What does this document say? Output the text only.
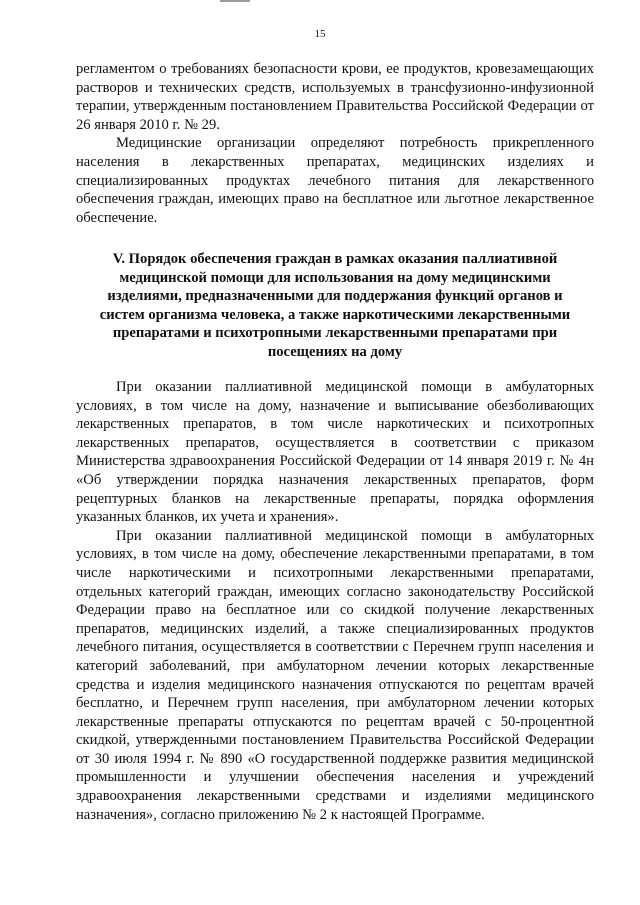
15

регламентом о требованиях безопасности крови, ее продуктов, кровезамещающих растворов и технических средств, используемых в трансфузионно-инфузионной терапии, утвержденным постановлением Правительства Российской Федерации от 26 января 2010 г. № 29.

Медицинские организации определяют потребность прикрепленного населения в лекарственных препаратах, медицинских изделиях и специализированных продуктах лечебного питания для лекарственного обеспечения граждан, имеющих право на бесплатное или льготное лекарственное обеспечение.

V. Порядок обеспечения граждан в рамках оказания паллиативной медицинской помощи для использования на дому медицинскими изделиями, предназначенными для поддержания функций органов и систем организма человека, а также наркотическими лекарственными препаратами и психотропными лекарственными препаратами при посещениях на дому

При оказании паллиативной медицинской помощи в амбулаторных условиях, в том числе на дому, назначение и выписывание обезболивающих лекарственных препаратов, в том числе наркотических и психотропных лекарственных препаратов, осуществляется в соответствии с приказом Министерства здравоохранения Российской Федерации от 14 января 2019 г. № 4н «Об утверждении порядка назначения лекарственных препаратов, форм рецептурных бланков на лекарственные препараты, порядка оформления указанных бланков, их учета и хранения».

При оказании паллиативной медицинской помощи в амбулаторных условиях, в том числе на дому, обеспечение лекарственными препаратами, в том числе наркотическими и психотропными лекарственными препаратами, отдельных категорий граждан, имеющих согласно законодательству Российской Федерации право на бесплатное или со скидкой получение лекарственных препаратов, медицинских изделий, а также специализированных продуктов лечебного питания, осуществляется в соответствии с Перечнем групп населения и категорий заболеваний, при амбулаторном лечении которых лекарственные средства и изделия медицинского назначения отпускаются по рецептам врачей бесплатно, и Перечнем групп населения, при амбулаторном лечении которых лекарственные препараты отпускаются по рецептам врачей с 50-процентной скидкой, утвержденными постановлением Правительства Российской Федерации от 30 июля 1994 г. № 890 «О государственной поддержке развития медицинской промышленности и улучшении обеспечения населения и учреждений здравоохранения лекарственными средствами и изделиями медицинского назначения», согласно приложению № 2 к настоящей Программе.
